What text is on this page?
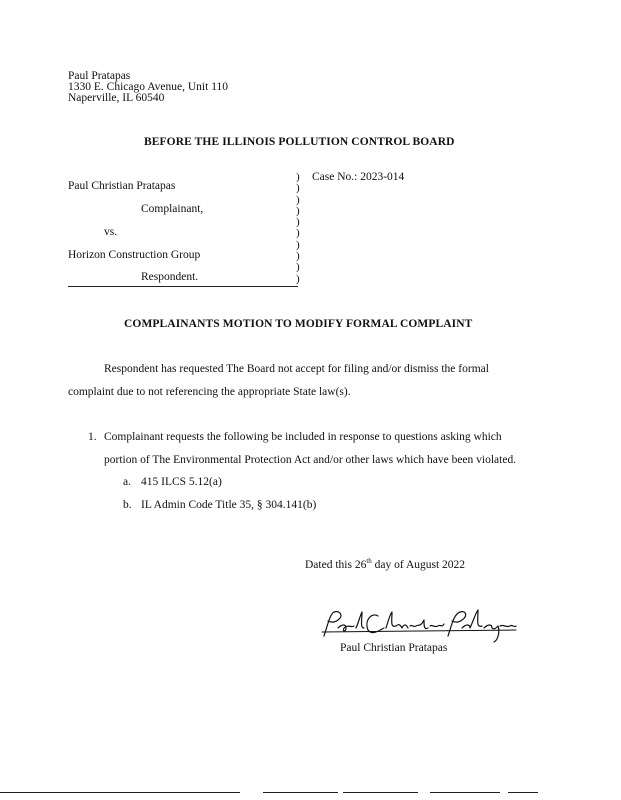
Paul Pratapas
1330 E. Chicago Avenue, Unit 110
Naperville, IL 60540
BEFORE THE ILLINOIS POLLUTION CONTROL BOARD
Paul Christian Pratapas
Complainant,
vs.
Horizon Construction Group
Respondent.
)
)
)
)
)
)
)
)
)
)
Case No.: 2023-014
COMPLAINANTS MOTION TO MODIFY FORMAL COMPLAINT
Respondent has requested The Board not accept for filing and/or dismiss the formal
complaint due to not referencing the appropriate State law(s).
1. Complainant requests the following be included in response to questions asking which
portion of The Environmental Protection Act and/or other laws which have been violated.
a. 415 ILCS 5.12(a)
b. IL Admin Code Title 35, § 304.141(b)
Dated this 26th day of August 2022
Paul Christian Pratapas
Paul Christian Pratapas
